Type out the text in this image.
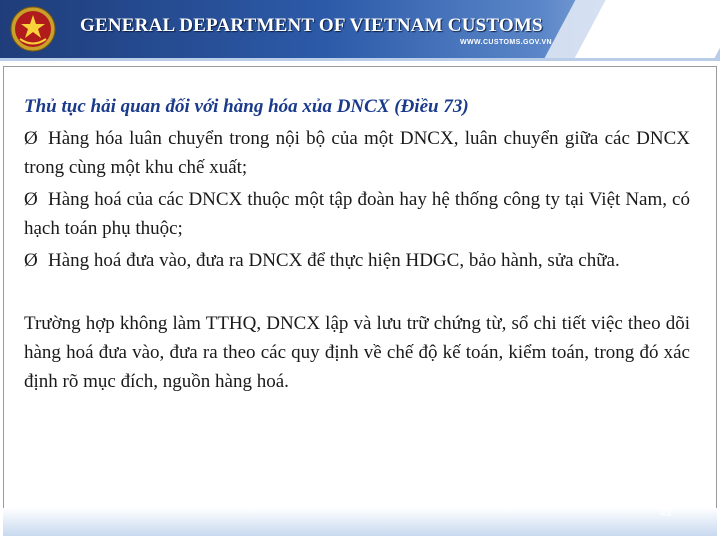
GENERAL DEPARTMENT OF VIETNAM CUSTOMS
WWW.CUSTOMS.GOV.VN
Thủ tục hải quan đối với hàng hóa xủa DNCX (Điều 73)
Ø Hàng hóa luân chuyển trong nội bộ của một DNCX, luân chuyển giữa các DNCX trong cùng một khu chế xuất;
Ø Hàng hoá của các DNCX thuộc một tập đoàn hay hệ thống công ty tại Việt Nam, có hạch toán phụ thuộc;
Ø Hàng hoá đưa vào, đưa ra DNCX để thực hiện HDGC, bảo hành, sửa chữa.
Trường hợp không làm TTHQ, DNCX lập và lưu trữ chứng từ, sổ chi tiết việc theo dõi hàng hoá đưa vào, đưa ra theo các quy định về chế độ kế toán, kiểm toán, trong đó xác định rõ mục đích, nguồn hàng hoá.
43
